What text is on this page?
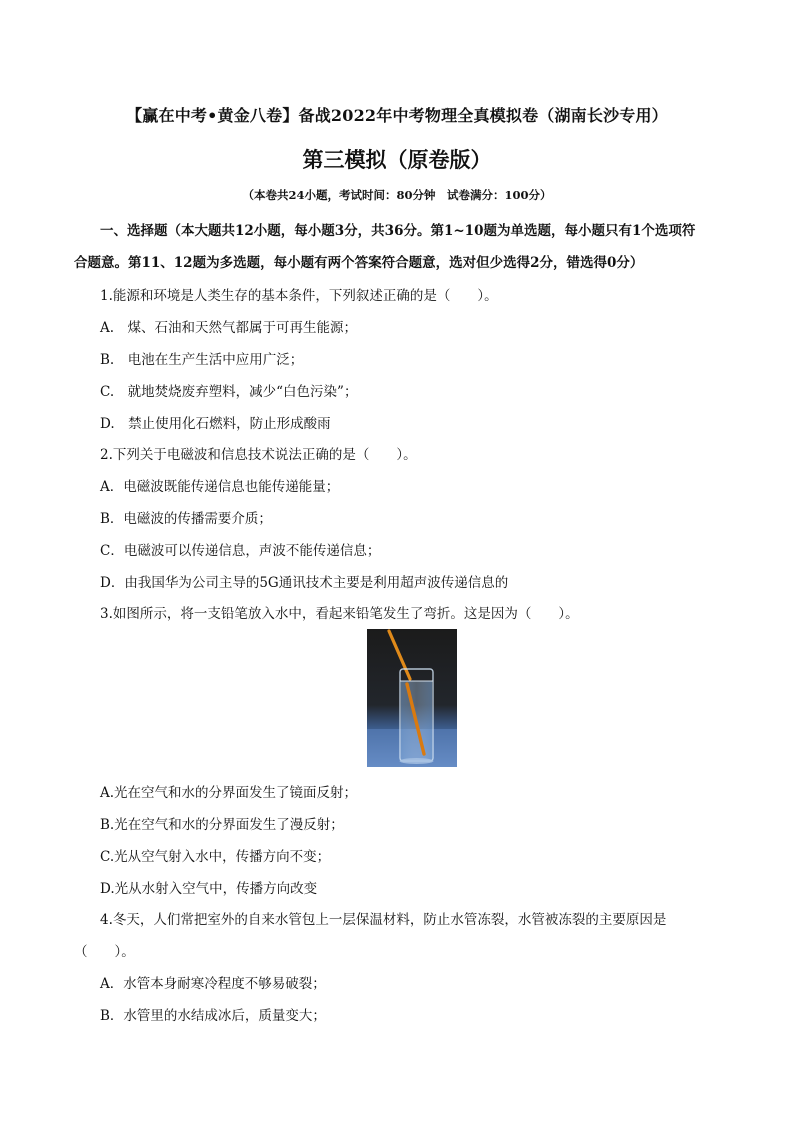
【赢在中考•黄金八卷】备战2022年中考物理全真模拟卷（湖南长沙专用）
第三模拟（原卷版）
（本卷共24小题，考试时间：80分钟　试卷满分：100分）
一、选择题（本大题共12小题，每小题3分，共36分。第1~10题为单选题，每小题只有1个选项符
合题意。第11、12题为多选题，每小题有两个答案符合题意，选对但少选得2分，错选得0分）
1.能源和环境是人类生存的基本条件，下列叙述正确的是（　　）。
A.　煤、石油和天然气都属于可再生能源；
B.　电池在生产生活中应用广泛；
C.　就地焚烧废弃塑料，减少“白色污染”；
D.　禁止使用化石燃料，防止形成酸雨
2.下列关于电磁波和信息技术说法正确的是（　　）。
A．电磁波既能传递信息也能传递能量；
B．电磁波的传播需要介质；
C．电磁波可以传递信息，声波不能传递信息；
D．由我国华为公司主导的5G通讯技术主要是利用超声波传递信息的
3.如图所示，将一支铅笔放入水中，看起来铅笔发生了弯折。这是因为（　　）。
A.光在空气和水的分界面发生了镜面反射；
B.光在空气和水的分界面发生了漫反射；
C.光从空气射入水中，传播方向不变；
D.光从水射入空气中，传播方向改变
4.冬天，人们常把室外的自来水管包上一层保温材料，防止水管冻裂，水管被冻裂的主要原因是
（　　）。
A．水管本身耐寒冷程度不够易破裂；
B．水管里的水结成冰后，质量变大；
